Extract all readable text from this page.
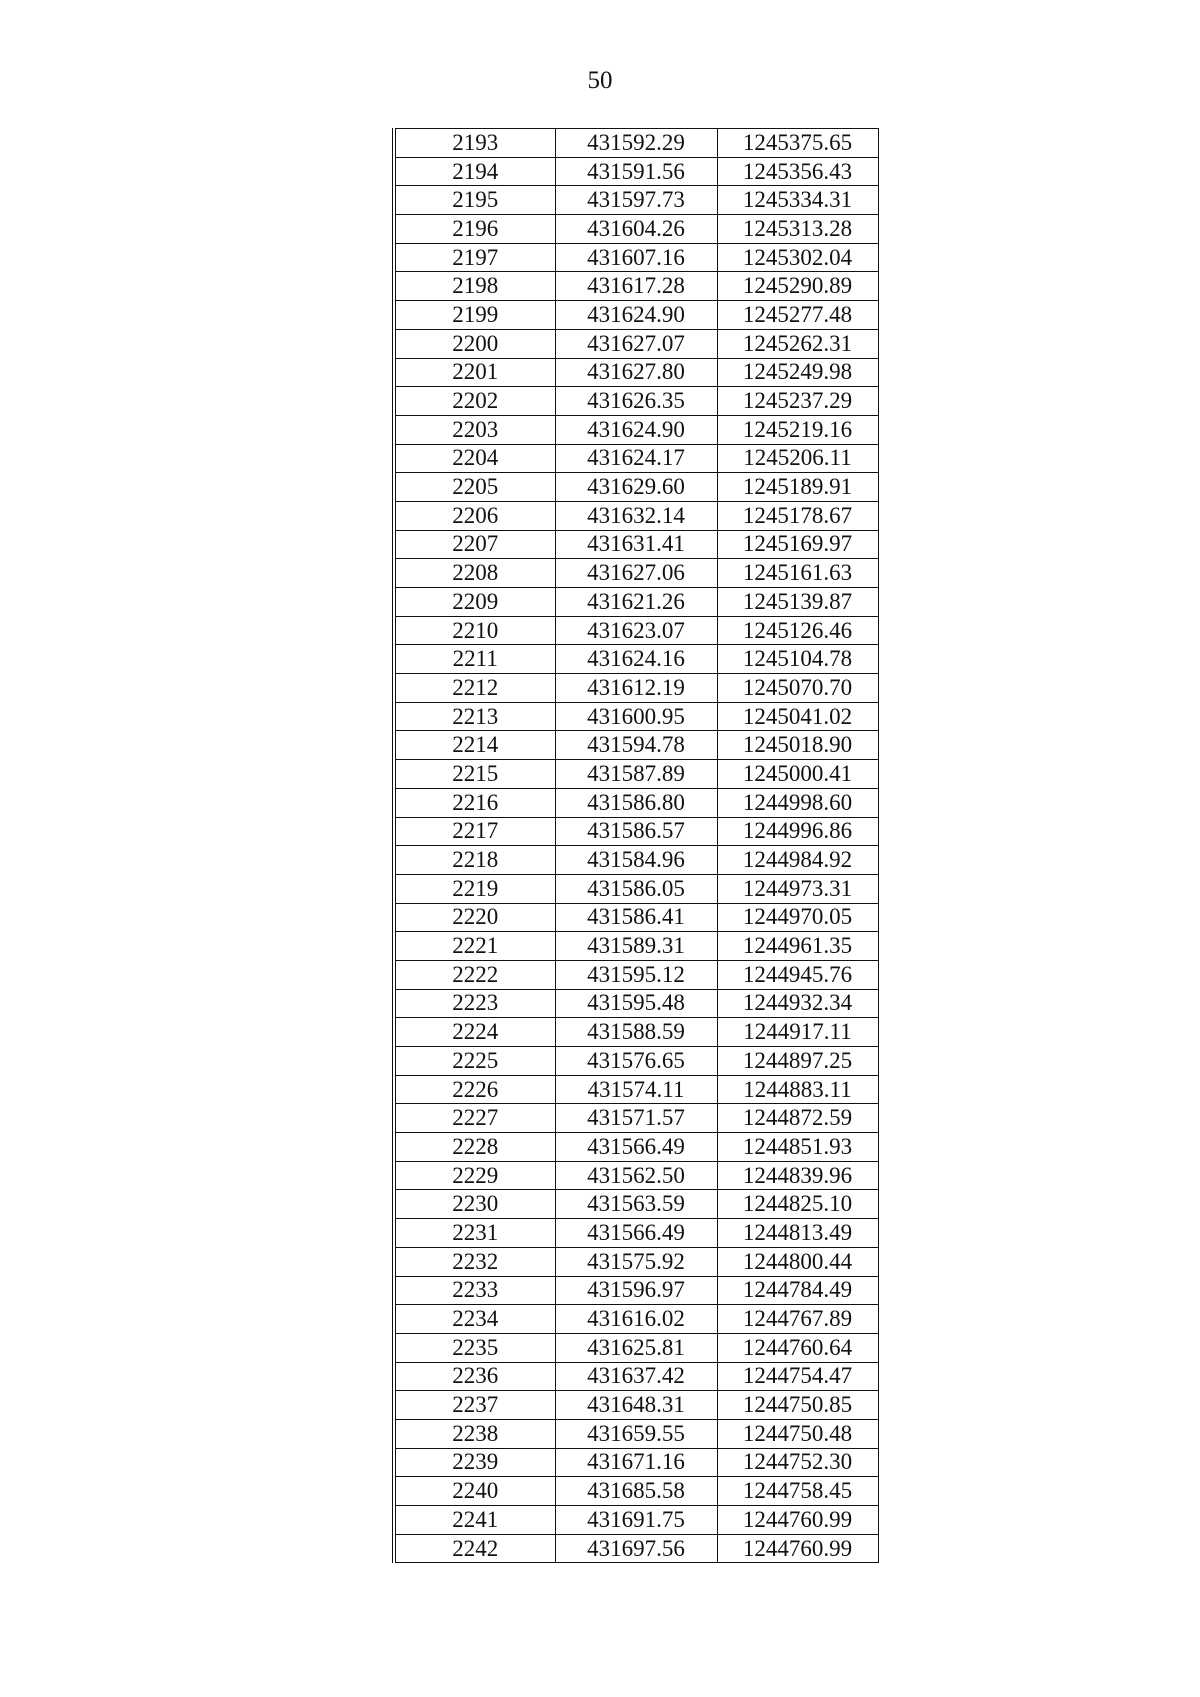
50
2193	431592.29	1245375.65
2194	431591.56	1245356.43
2195	431597.73	1245334.31
2196	431604.26	1245313.28
2197	431607.16	1245302.04
2198	431617.28	1245290.89
2199	431624.90	1245277.48
2200	431627.07	1245262.31
2201	431627.80	1245249.98
2202	431626.35	1245237.29
2203	431624.90	1245219.16
2204	431624.17	1245206.11
2205	431629.60	1245189.91
2206	431632.14	1245178.67
2207	431631.41	1245169.97
2208	431627.06	1245161.63
2209	431621.26	1245139.87
2210	431623.07	1245126.46
2211	431624.16	1245104.78
2212	431612.19	1245070.70
2213	431600.95	1245041.02
2214	431594.78	1245018.90
2215	431587.89	1245000.41
2216	431586.80	1244998.60
2217	431586.57	1244996.86
2218	431584.96	1244984.92
2219	431586.05	1244973.31
2220	431586.41	1244970.05
2221	431589.31	1244961.35
2222	431595.12	1244945.76
2223	431595.48	1244932.34
2224	431588.59	1244917.11
2225	431576.65	1244897.25
2226	431574.11	1244883.11
2227	431571.57	1244872.59
2228	431566.49	1244851.93
2229	431562.50	1244839.96
2230	431563.59	1244825.10
2231	431566.49	1244813.49
2232	431575.92	1244800.44
2233	431596.97	1244784.49
2234	431616.02	1244767.89
2235	431625.81	1244760.64
2236	431637.42	1244754.47
2237	431648.31	1244750.85
2238	431659.55	1244750.48
2239	431671.16	1244752.30
2240	431685.58	1244758.45
2241	431691.75	1244760.99
2242	431697.56	1244760.99
